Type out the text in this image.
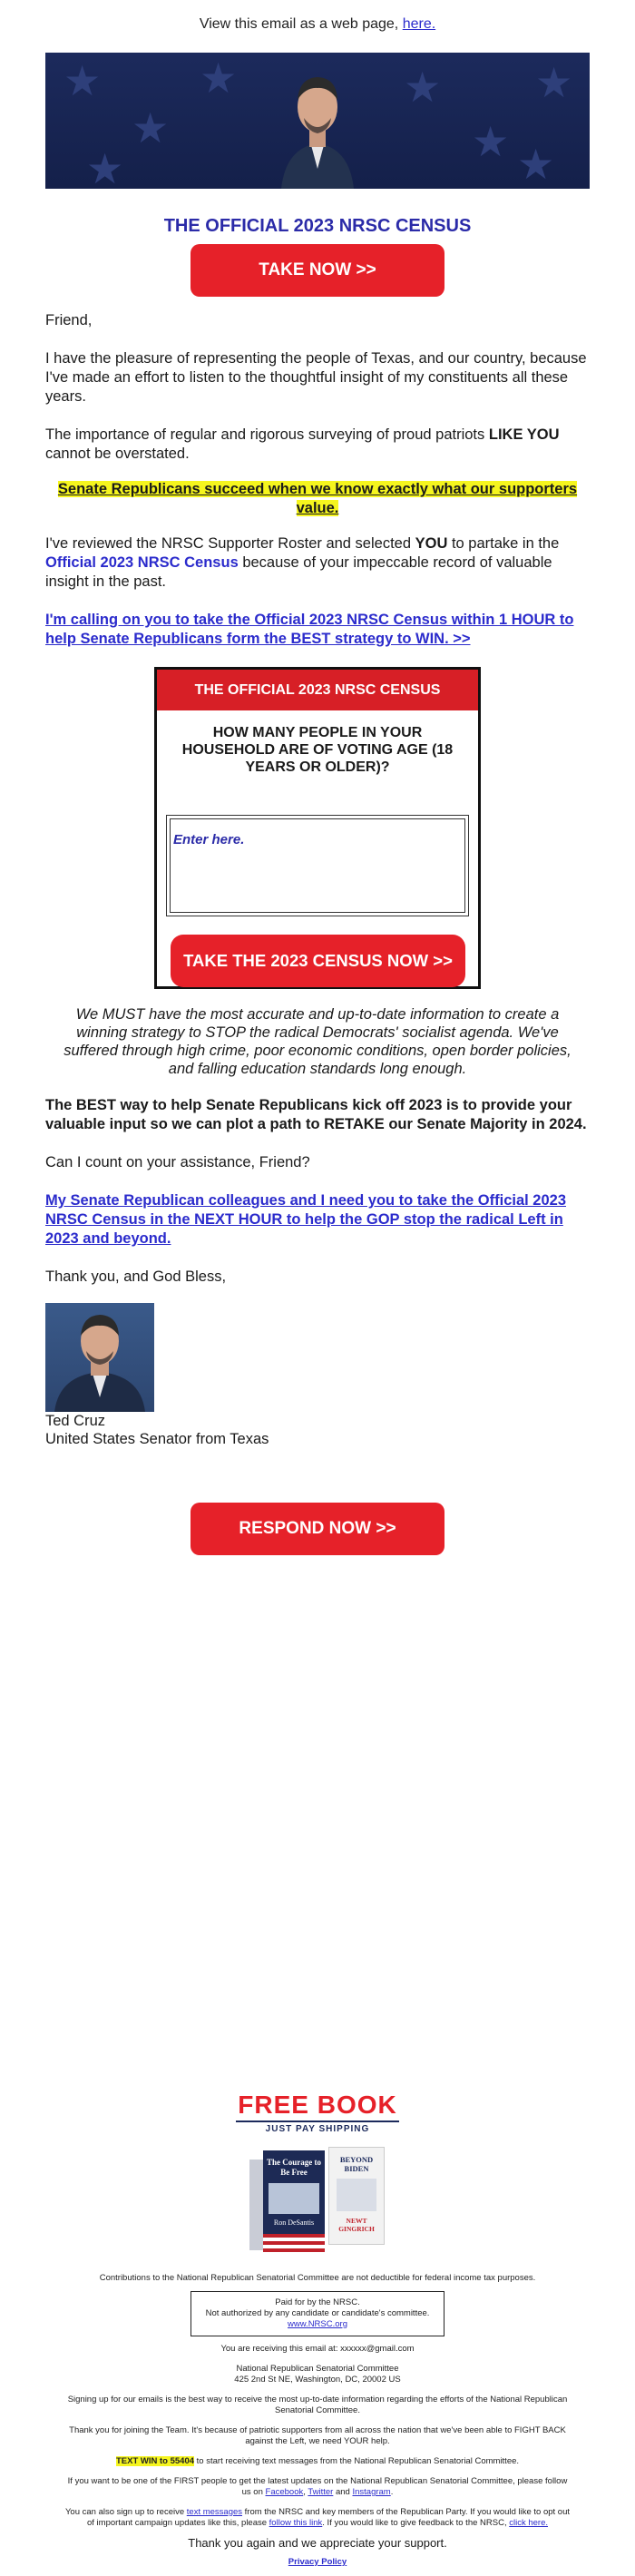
View this email as a web page, here.
★
★
★
★
★
★
★
★
THE OFFICIAL 2023 NRSC CENSUS
TAKE NOW >>

Friend,

I have the pleasure of representing the people of Texas, and our country, because I've made an effort to listen to the thoughtful insight of my constituents all these years.

The importance of regular and rigorous surveying of proud patriots LIKE YOU cannot be overstated.

Senate Republicans succeed when we know exactly what our supporters value.

I've reviewed the NRSC Supporter Roster and selected YOU to partake in the Official 2023 NRSC Census because of your impeccable record of valuable insight in the past.

I'm calling on you to take the Official 2023 NRSC Census within 1 HOUR to help Senate Republicans form the BEST strategy to WIN. >>

THE OFFICIAL 2023 NRSC CENSUS
HOW MANY PEOPLE IN YOUR HOUSEHOLD ARE OF VOTING AGE (18 YEARS OR OLDER)?
Enter here.
TAKE THE 2023 CENSUS NOW >>

We MUST have the most accurate and up-to-date information to create a winning strategy to STOP the radical Democrats' socialist agenda. We've suffered through high crime, poor economic conditions, open border policies, and falling education standards long enough.

The BEST way to help Senate Republicans kick off 2023 is to provide your valuable input so we can plot a path to RETAKE our Senate Majority in 2024.

Can I count on your assistance, Friend?

My Senate Republican colleagues and I need you to take the Official 2023 NRSC Census in the NEXT HOUR to help the GOP stop the radical Left in 2023 and beyond.

Thank you, and God Bless,

Ted Cruz
United States Senator from Texas
RESPOND NOW >>
FREE BOOK
JUST PAY SHIPPING
The Courage to Be Free
Ron DeSantis
BEYOND BIDEN
NEWT GINGRICH
Contributions to the National Republican Senatorial Committee are not deductible for federal income tax purposes.
Paid for by the NRSC.
Not authorized by any candidate or candidate's committee.
www.NRSC.org
You are receiving this email at: xxxxxx@gmail.com
National Republican Senatorial Committee
425 2nd St NE, Washington, DC, 20002 US
Signing up for our emails is the best way to receive the most up-to-date information regarding the efforts of the National Republican Senatorial Committee.
Thank you for joining the Team. It's because of patriotic supporters from all across the nation that we've been able to FIGHT BACK against the Left, we need YOUR help.
TEXT WIN to 55404 to start receiving text messages from the National Republican Senatorial Committee.
If you want to be one of the FIRST people to get the latest updates on the National Republican Senatorial Committee, please follow us on Facebook, Twitter and Instagram.
You can also sign up to receive text messages from the NRSC and key members of the Republican Party. If you would like to opt out of important campaign updates like this, please follow this link. If you would like to give feedback to the NRSC, click here.
Thank you again and we appreciate your support.
Privacy Policy
